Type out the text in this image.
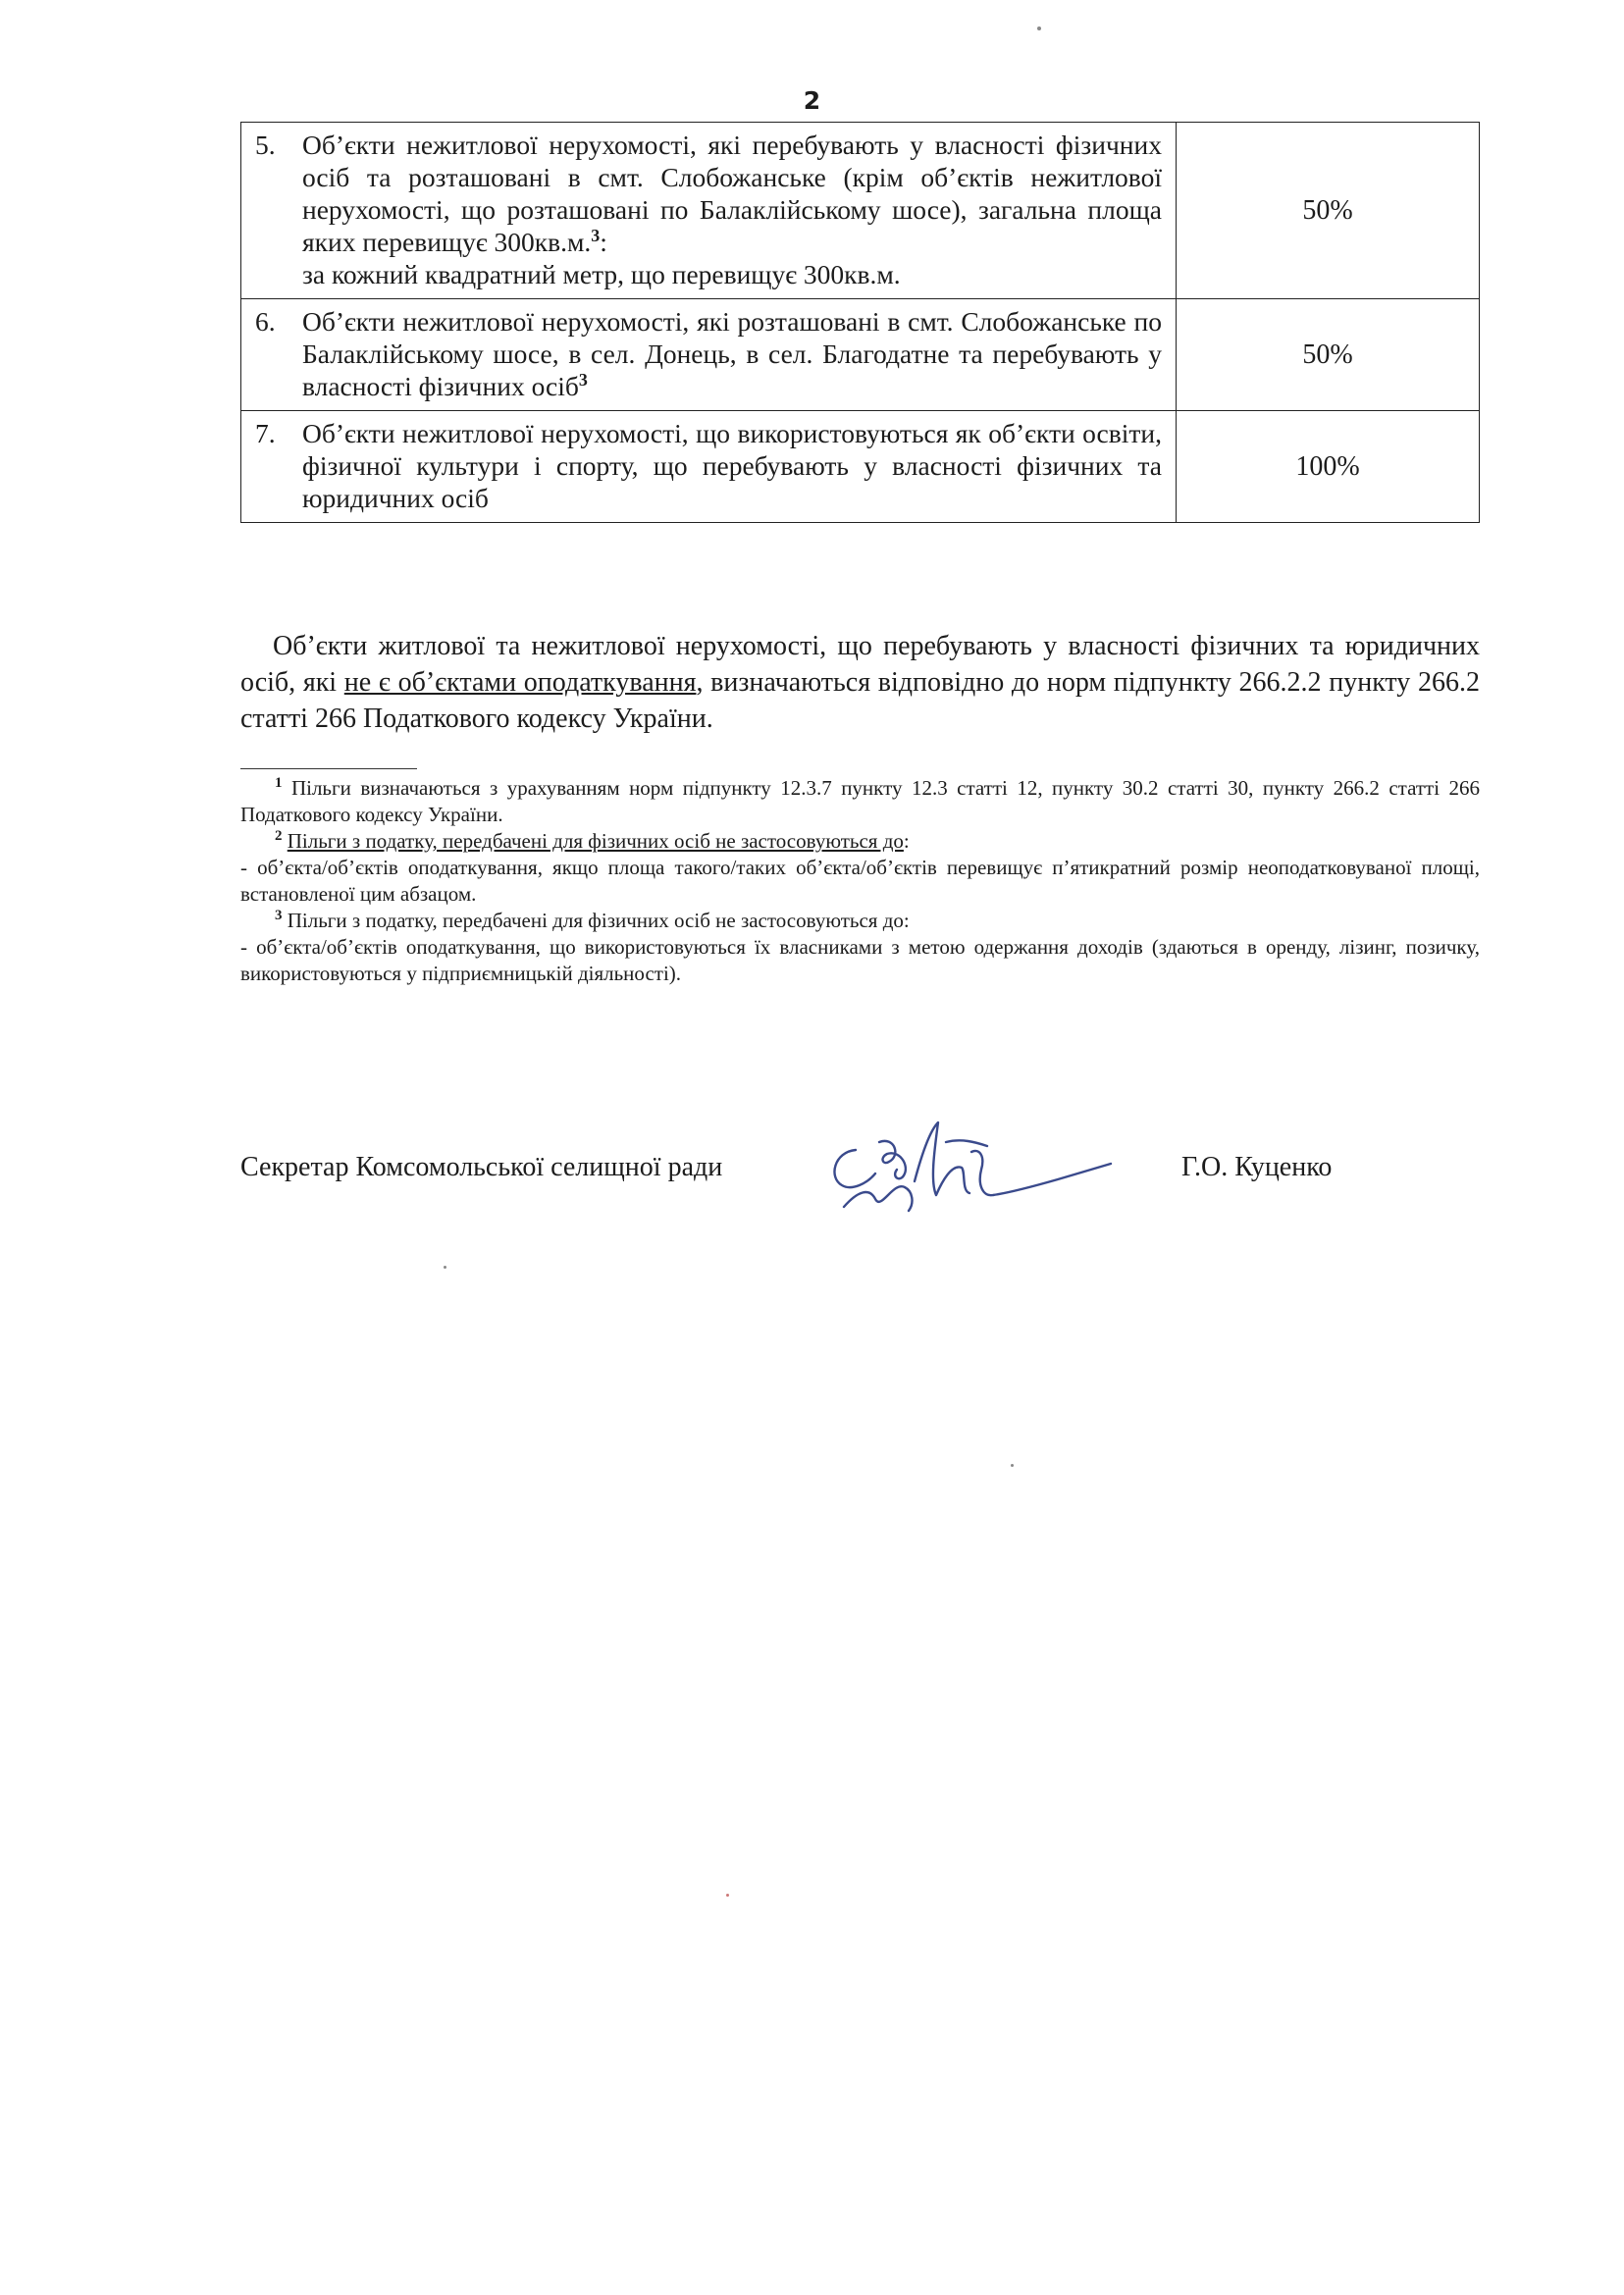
2
5. Об’єкти нежитлової нерухомості, які перебувають у власності фізичних осіб та розташовані в смт. Слобожанське (крім об’єктів нежитлової нерухомості, що розташовані по Балаклійському шосе), загальна площа яких перевищує 300кв.м.$^3$:

за кожний квадратний метр, що перевищує 300кв.м.	50%

6. Об’єкти нежитлової нерухомості, які розташовані в смт. Слобожанське по Балаклійському шосе, в сел. Донець, в сел. Благодатне та перебувають у власності фізичних осіб$^3$	50%

7. Об’єкти нежитлової нерухомості, що використовуються як об’єкти освіти, фізичної культури і спорту, що перебувають у власності фізичних та юридичних осіб	100%

Об’єкти житлової та нежитлової нерухомості, що перебувають у власності фізичних та юридичних осіб, які не є об’єктами оподаткування, визначаються відповідно до норм підпункту 266.2.2 пункту 266.2 статті 266 Податкового кодексу України.

$^1$ Пільги визначаються з урахуванням норм підпункту 12.3.7 пункту 12.3 статті 12, пункту 30.2 статті 30, пункту 266.2 статті 266 Податкового кодексу України.

$^2$ Пільги з податку, передбачені для фізичних осіб не застосовуються до:

- об’єкта/об’єктів оподаткування, якщо площа такого/таких об’єкта/об’єктів перевищує п’ятикратний розмір неоподатковуваної площі, встановленої цим абзацом.

$^3$ Пільги з податку, передбачені для фізичних осіб не застосовуються до:

- об’єкта/об’єктів оподаткування, що використовуються їх власниками з метою одержання доходів (здаються в оренду, лізинг, позичку, використовуються у підприємницькій діяльності).

Секретар Комсомольської селищної ради	Г.О. Куценко
